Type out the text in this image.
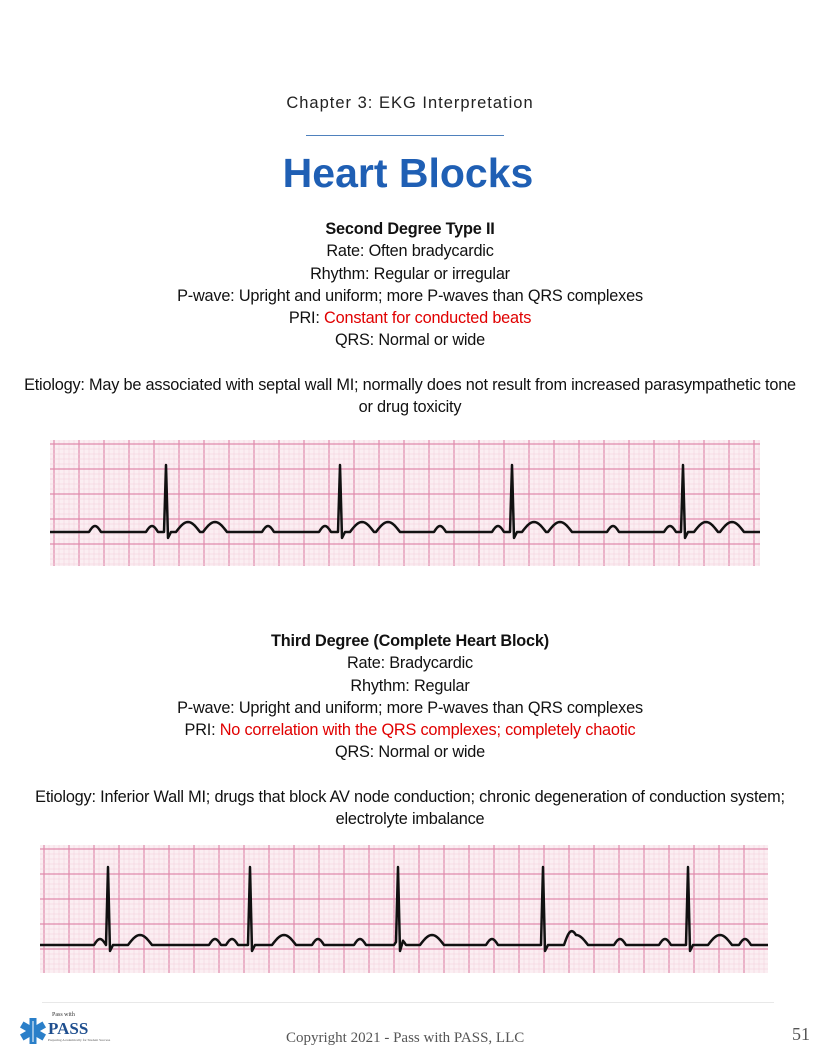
Chapter 3: EKG Interpretation
Heart Blocks
Second Degree Type II
Rate: Often bradycardic
Rhythm: Regular or irregular
P-wave: Upright and uniform; more P-waves than QRS complexes
PRI: Constant for conducted beats
QRS: Normal or wide
Etiology: May be associated with septal wall MI; normally does not result from increased parasympathetic tone or drug toxicity
Third Degree (Complete Heart Block)
Rate: Bradycardic
Rhythm: Regular
P-wave: Upright and uniform; more P-waves than QRS complexes
PRI: No correlation with the QRS complexes; completely chaotic
QRS: Normal or wide
Etiology: Inferior Wall MI; drugs that block AV node conduction; chronic degeneration of conduction system; electrolyte imbalance
Pass with
PASS
Preparing Academically for Student Success	Copyright 2021 - Pass with PASS, LLC	51
